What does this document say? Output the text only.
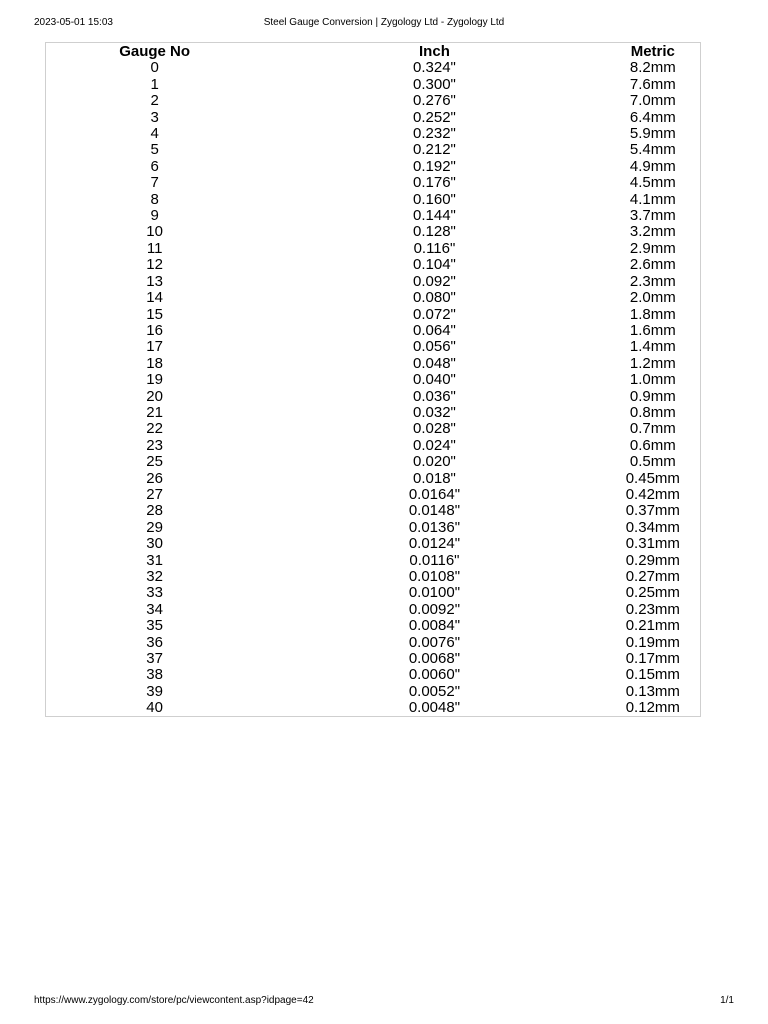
2023-05-01 15:03	Steel Gauge Conversion | Zygology Ltd - Zygology Ltd
Gauge No	Inch	Metric
0	0.324"	8.2mm
1	0.300"	7.6mm
2	0.276"	7.0mm
3	0.252"	6.4mm
4	0.232"	5.9mm
5	0.212"	5.4mm
6	0.192"	4.9mm
7	0.176"	4.5mm
8	0.160"	4.1mm
9	0.144"	3.7mm
10	0.128"	3.2mm
11	0.116"	2.9mm
12	0.104"	2.6mm
13	0.092"	2.3mm
14	0.080"	2.0mm
15	0.072"	1.8mm
16	0.064"	1.6mm
17	0.056"	1.4mm
18	0.048"	1.2mm
19	0.040"	1.0mm
20	0.036"	0.9mm
21	0.032"	0.8mm
22	0.028"	0.7mm
23	0.024"	0.6mm
25	0.020"	0.5mm
26	0.018"	0.45mm
27	0.0164"	0.42mm
28	0.0148"	0.37mm
29	0.0136"	0.34mm
30	0.0124"	0.31mm
31	0.0116"	0.29mm
32	0.0108"	0.27mm
33	0.0100"	0.25mm
34	0.0092"	0.23mm
35	0.0084"	0.21mm
36	0.0076"	0.19mm
37	0.0068"	0.17mm
38	0.0060"	0.15mm
39	0.0052"	0.13mm
40	0.0048"	0.12mm
https://www.zygology.com/store/pc/viewcontent.asp?idpage=42	1/1
